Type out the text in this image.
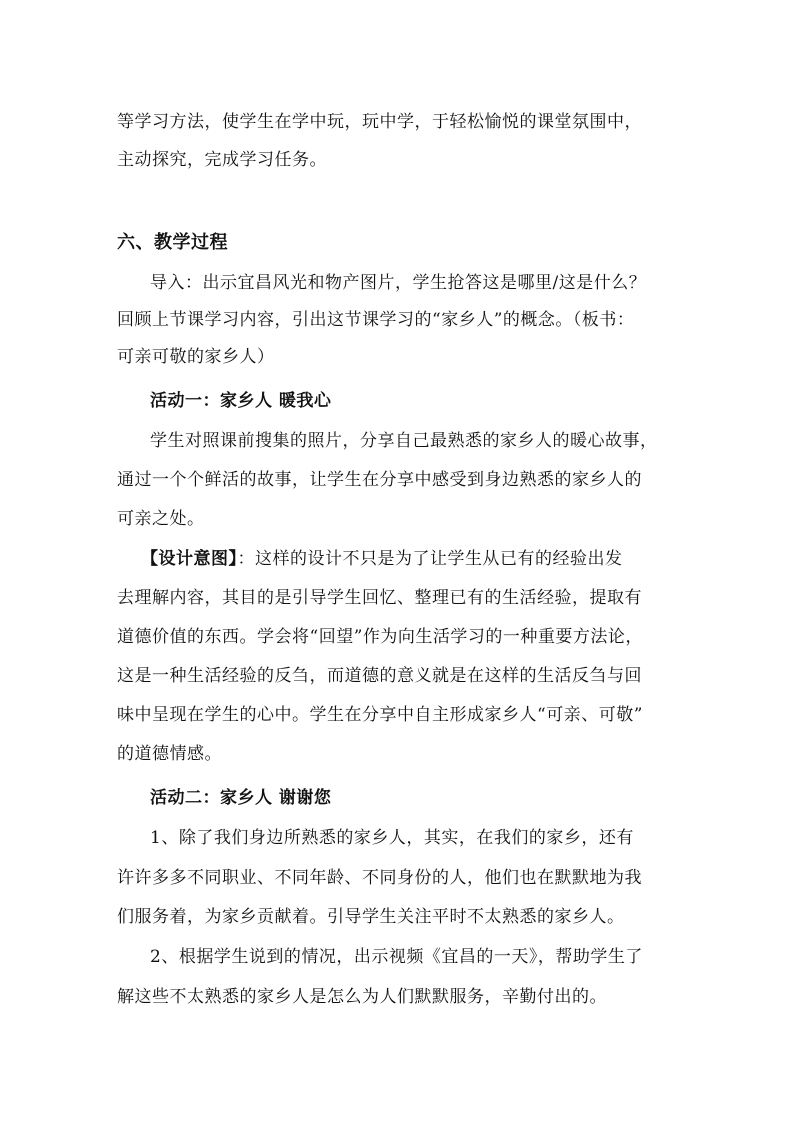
等学习方法，使学生在学中玩，玩中学，于轻松愉悦的课堂氛围中，
主动探究，完成学习任务。
六、教学过程
导入：出示宜昌风光和物产图片，学生抢答这是哪里/这是什么？
回顾上节课学习内容，引出这节课学习的“家乡人”的概念。（板书：
可亲可敬的家乡人）
活动一：家乡人 暖我心
学生对照课前搜集的照片，分享自己最熟悉的家乡人的暖心故事，
通过一个个鲜活的故事，让学生在分享中感受到身边熟悉的家乡人的
可亲之处。
【设计意图】：这样的设计不只是为了让学生从已有的经验出发
去理解内容，其目的是引导学生回忆、整理已有的生活经验，提取有
道德价值的东西。学会将“回望”作为向生活学习的一种重要方法论，
这是一种生活经验的反刍，而道德的意义就是在这样的生活反刍与回
味中呈现在学生的心中。学生在分享中自主形成家乡人“可亲、可敬”
的道德情感。
活动二：家乡人 谢谢您
1、除了我们身边所熟悉的家乡人，其实，在我们的家乡，还有
许许多多不同职业、不同年龄、不同身份的人，他们也在默默地为我
们服务着，为家乡贡献着。引导学生关注平时不太熟悉的家乡人。
2、根据学生说到的情况，出示视频《宜昌的一天》，帮助学生了
解这些不太熟悉的家乡人是怎么为人们默默服务，辛勤付出的。
